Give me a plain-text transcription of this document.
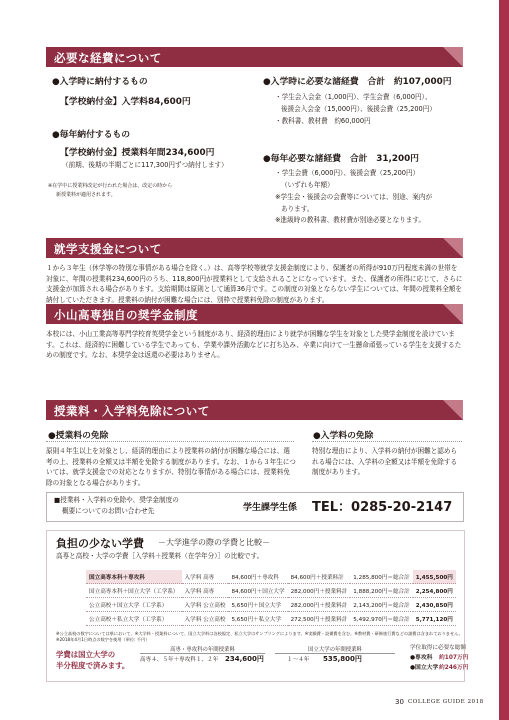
必要な経費について
●入学時に納付するもの
【学校納付金】入学料84,600円
●毎年納付するもの
【学校納付金】授業料年間234,600円
（前期、後期の半期ごとに117,300円ずつ納付します）
※在学中に授業料改定が行われた場合は、改定の時から
新授業料が適用されます。
●入学時に必要な諸経費　合計　約107,000円
・学生会入会金（1,000円）、学生会費（6,000円）、
後援会入会金（15,000円）、後援会費（25,200円）
・教科書、教材費　約60,000円
●毎年必要な諸経費　合計　31,200円
・学生会費（6,000円）、後援会費（25,200円）
（いずれも年額）
※学生会・後援会の会費等については、別途、案内が
あります。
※進級時の教科書、教材費が別途必要となります。
就学支援金について
１から３年生（休学等の特別な事情がある場合を除く。）は、高等学校等就学支援金制度により、保護者の所得が910万円程度未満の世帯を対象に、年間の授業料234,600円のうち、118,800円が授業料として支給されることになっています。また、保護者の所得に応じて、さらに支援金が加算される場合があります。支給期間は原則として通算36月です。この制度の対象とならない学生については、年間の授業料全額を納付していただきます。授業料の納付が困難な場合には、別枠で授業料免除の制度があります。
小山高専独自の奨学金制度
本校には、小山工業高等専門学校育英奨学金という制度があり、経済的理由により就学が困難な学生を対象とした奨学金制度を設けています。これは、経済的に困難している学生であっても、学業や課外活動などに打ち込み、卒業に向けて一生懸命頑張っている学生を支援するための制度です。なお、本奨学金は返還の必要はありません。
授業料・入学料免除について
●授業料の免除
原則４年生以上を対象とし、経済的理由により授業料の納付が困難な場合には、選考の上、授業料の全額又は半額を免除する制度があります。なお、１から３年生については、就学支援金での対応となりますが、特別な事情がある場合には、授業料免除の対象となる場合があります。
●入学料の免除
特別な理由により、入学料の納付が困難と認められる場合には、入学料の全額又は半額を免除する制度があります。
■授業料・入学料の免除や、奨学金制度の
概要についてのお問い合わせ先	学生課学生係 TEL：0285-20-2147
負担の少ない学費 －大学進学の際の学費と比較－
高専と高校・大学の学費［入学料＋授業料（在学年分）］の比較です。
国立高専本科＋専攻科	入学料 高専	84,600円＋専攻科	84,600円＋授業料計	1,285,800円＝総合計	1,455,500円
国立高専本科＋国立大学（工学系）	入学料 高専	84,600円＋国立大学	282,000円＋授業料計	1,888,200円＝総合計	2,254,800円
公立高校＋国立大学（工学系）	入学料 公立高校	5,650円＋国立大学	282,000円＋授業料計	2,143,200円＝総合計	2,430,850円
公立高校＋私立大学（工学系）	入学料 公立高校	5,650円＋私立大学	272,500円＋授業料計	5,492,970円＝総合計	5,771,120円
※公立高校の数字については県において、※大学料・授業料について、国立大学料は各校規定、私立大学はサンプリングによります。※実験費・設備費を含む。※教材費・研修旅行費などの諸費は含まれておりません。
※2018年4月1日時点の数字を使用（単位: 千円）
学費は国立大学の
半分程度で済みます。
高専・専攻科の年間授業料
高専４、５年＋専攻科１、２年 234,600円
国立大学の年間授業料
１〜４年 535,800円
学位取得に必要な総額
●専攻科 約107万円
●国立大学 約246万円
30 COLLEGE GUIDE 2018
